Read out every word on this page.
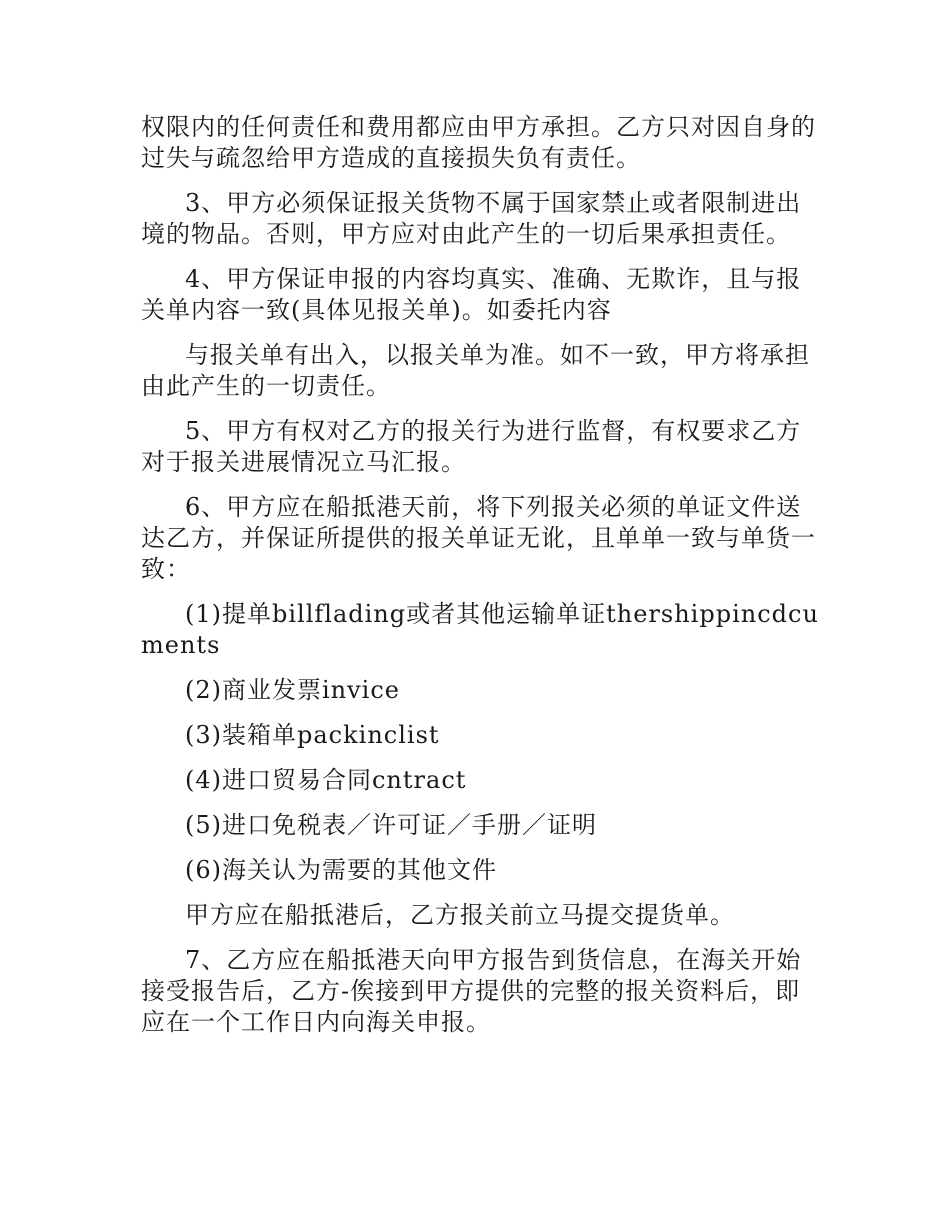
权限内的任何责任和费用都应由甲方承担。乙方只对因自身的过失与疏忽给甲方造成的直接损失负有责任。

3、甲方必须保证报关货物不属于国家禁止或者限制进出境的物品。否则，甲方应对由此产生的一切后果承担责任。

4、甲方保证申报的内容均真实、准确、无欺诈，且与报关单内容一致(具体见报关单)。如委托内容

与报关单有出入，以报关单为准。如不一致，甲方将承担由此产生的一切责任。

5、甲方有权对乙方的报关行为进行监督，有权要求乙方对于报关进展情况立马汇报。

6、甲方应在船抵港天前，将下列报关必须的单证文件送达乙方，并保证所提供的报关单证无讹，且单单一致与单货一致：

(1)提单billflading或者其他运输单证thershippincdcuments

(2)商业发票invice

(3)装箱单packinclist

(4)进口贸易合同cntract

(5)进口免税表／许可证／手册／证明

(6)海关认为需要的其他文件

甲方应在船抵港后，乙方报关前立马提交提货单。

7、乙方应在船抵港天向甲方报告到货信息，在海关开始接受报告后，乙方-俟接到甲方提供的完整的报关资料后，即应在一个工作日内向海关申报。
